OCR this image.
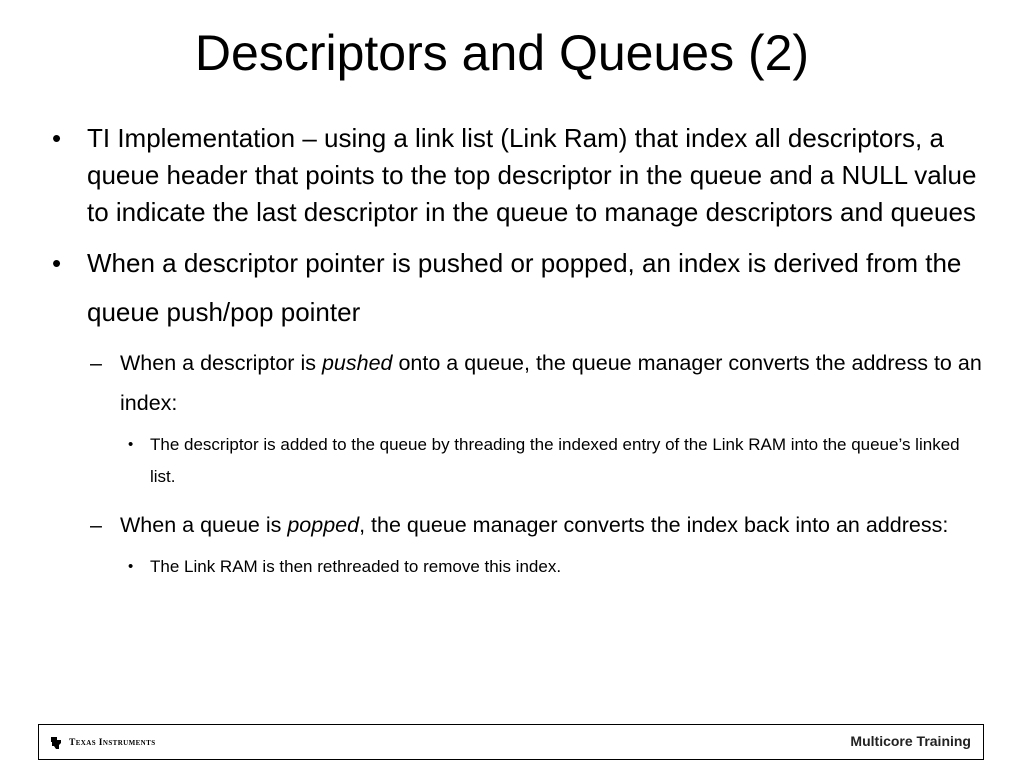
Descriptors and Queues (2)
• TI Implementation – using a link list (Link Ram) that index all descriptors, a queue header that points to the top descriptor in the queue and a NULL value to indicate the last descriptor in the queue to manage descriptors and queues
• When a descriptor pointer is pushed or popped, an index is derived from the queue push/pop pointer
– When a descriptor is pushed onto a queue, the queue manager converts the address to an index:
• The descriptor is added to the queue by threading the indexed entry of the Link RAM into the queue’s linked list.
– When a queue is popped, the queue manager converts the index back into an address:
• The Link RAM is then rethreaded to remove this index.
Texas Instruments	Multicore Training
